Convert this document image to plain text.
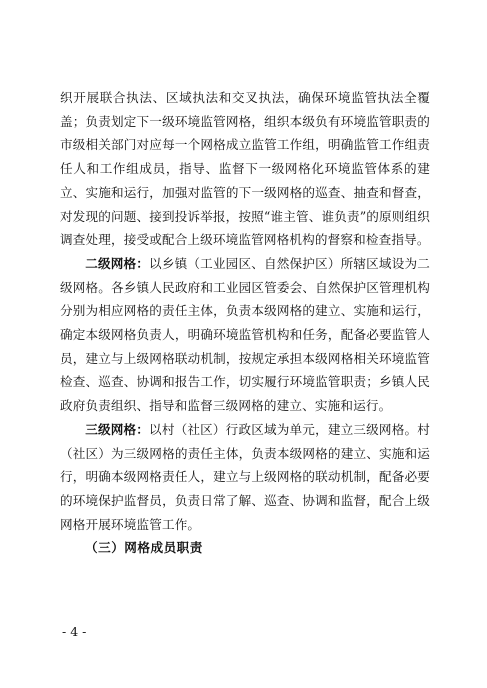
织开展联合执法、区域执法和交叉执法，确保环境监管执法全覆盖；负责划定下一级环境监管网格，组织本级负有环境监管职责的市级相关部门对应每一个网格成立监管工作组，明确监管工作组责任人和工作组成员，指导、监督下一级网格化环境监管体系的建立、实施和运行，加强对监管的下一级网格的巡查、抽查和督查，对发现的问题、接到投诉举报，按照“谁主管、谁负责”的原则组织调查处理，接受或配合上级环境监管网格机构的督察和检查指导。

二级网格：以乡镇（工业园区、自然保护区）所辖区域设为二级网格。各乡镇人民政府和工业园区管委会、自然保护区管理机构分别为相应网格的责任主体，负责本级网格的建立、实施和运行，确定本级网格负责人，明确环境监管机构和任务，配备必要监管人员，建立与上级网格联动机制，按规定承担本级网格相关环境监管检查、巡查、协调和报告工作，切实履行环境监管职责；乡镇人民政府负责组织、指导和监督三级网格的建立、实施和运行。

三级网格：以村（社区）行政区域为单元，建立三级网格。村（社区）为三级网格的责任主体，负责本级网格的建立、实施和运行，明确本级网格责任人，建立与上级网格的联动机制，配备必要的环境保护监督员，负责日常了解、巡查、协调和监督，配合上级网格开展环境监管工作。

（三）网格成员职责

- 4 -
